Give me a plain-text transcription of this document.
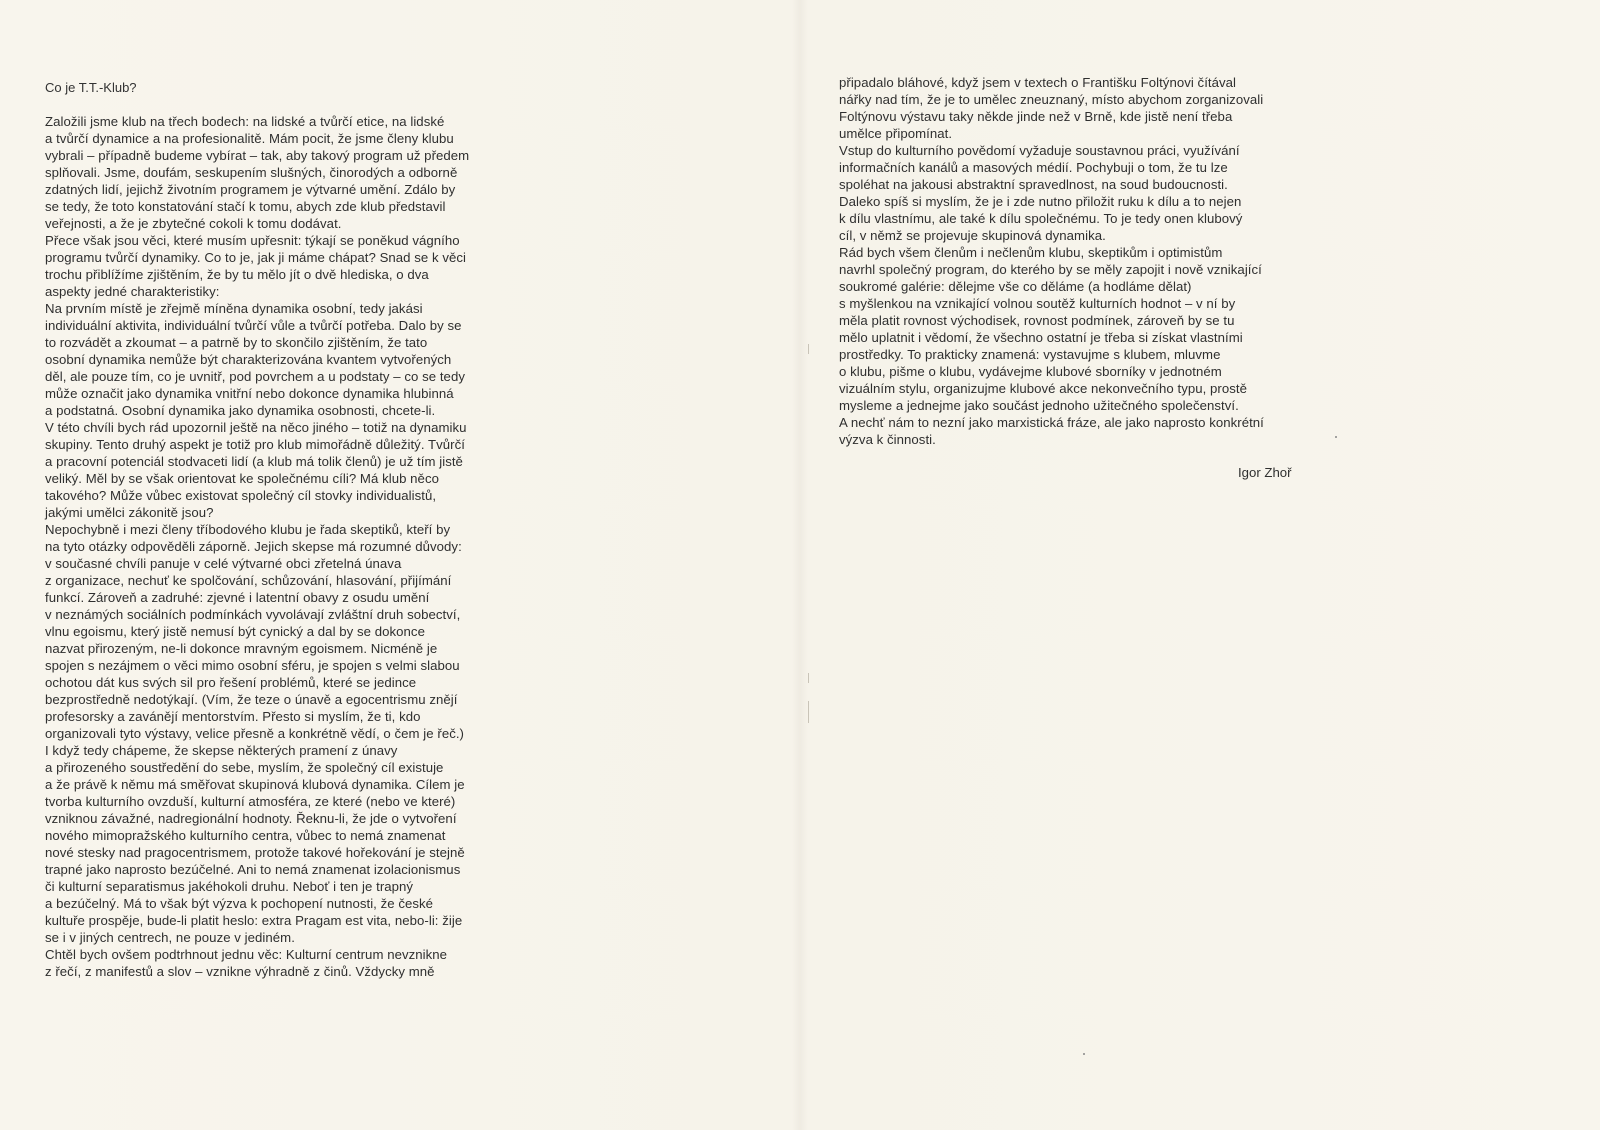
Co je T.T.-Klub?
Založili jsme klub na třech bodech: na lidské a tvůrčí etice, na lidské
a tvůrčí dynamice a na profesionalitě. Mám pocit, že jsme členy klubu
vybrali – případně budeme vybírat – tak, aby takový program už předem
splňovali. Jsme, doufám, seskupením slušných, činorodých a odborně
zdatných lidí, jejichž životním programem je výtvarné umění. Zdálo by
se tedy, že toto konstatování stačí k tomu, abych zde klub představil
veřejnosti, a že je zbytečné cokoli k tomu dodávat.
Přece však jsou věci, které musím upřesnit: týkají se poněkud vágního
programu tvůrčí dynamiky. Co to je, jak ji máme chápat? Snad se k věci
trochu přiblížíme zjištěním, že by tu mělo jít o dvě hlediska, o dva
aspekty jedné charakteristiky:
Na prvním místě je zřejmě míněna dynamika osobní, tedy jakási
individuální aktivita, individuální tvůrčí vůle a tvůrčí potřeba. Dalo by se
to rozvádět a zkoumat – a patrně by to skončilo zjištěním, že tato
osobní dynamika nemůže být charakterizována kvantem vytvořených
děl, ale pouze tím, co je uvnitř, pod povrchem a u podstaty – co se tedy
může označit jako dynamika vnitřní nebo dokonce dynamika hlubinná
a podstatná. Osobní dynamika jako dynamika osobnosti, chcete-li.
V této chvíli bych rád upozornil ještě na něco jiného – totiž na dynamiku
skupiny. Tento druhý aspekt je totiž pro klub mimořádně důležitý. Tvůrčí
a pracovní potenciál stodvaceti lidí (a klub má tolik členů) je už tím jistě
veliký. Měl by se však orientovat ke společnému cíli? Má klub něco
takového? Může vůbec existovat společný cíl stovky individualistů,
jakými umělci zákonitě jsou?
Nepochybně i mezi členy tříbodového klubu je řada skeptiků, kteří by
na tyto otázky odpověděli záporně. Jejich skepse má rozumné důvody:
v současné chvíli panuje v celé výtvarné obci zřetelná únava
z organizace, nechuť ke spolčování, schůzování, hlasování, přijímání
funkcí. Zároveň a zadruhé: zjevné i latentní obavy z osudu umění
v neznámých sociálních podmínkách vyvolávají zvláštní druh sobectví,
vlnu egoismu, který jistě nemusí být cynický a dal by se dokonce
nazvat přirozeným, ne-li dokonce mravným egoismem. Nicméně je
spojen s nezájmem o věci mimo osobní sféru, je spojen s velmi slabou
ochotou dát kus svých sil pro řešení problémů, které se jedince
bezprostředně nedotýkají. (Vím, že teze o únavě a egocentrismu znějí
profesorsky a zavánějí mentorstvím. Přesto si myslím, že ti, kdo
organizovali tyto výstavy, velice přesně a konkrétně vědí, o čem je řeč.)
I když tedy chápeme, že skepse některých pramení z únavy
a přirozeného soustředění do sebe, myslím, že společný cíl existuje
a že právě k němu má směřovat skupinová klubová dynamika. Cílem je
tvorba kulturního ovzduší, kulturní atmosféra, ze které (nebo ve které)
vzniknou závažné, nadregionální hodnoty. Řeknu-li, že jde o vytvoření
nového mimopražského kulturního centra, vůbec to nemá znamenat
nové stesky nad pragocentrismem, protože takové hořekování je stejně
trapné jako naprosto bezúčelné. Ani to nemá znamenat izolacionismus
či kulturní separatismus jakéhokoli druhu. Neboť i ten je trapný
a bezúčelný. Má to však být výzva k pochopení nutnosti, že české
kultuře prospěje, bude-li platit heslo: extra Pragam est vita, nebo-li: žije
se i v jiných centrech, ne pouze v jediném.
Chtěl bych ovšem podtrhnout jednu věc: Kulturní centrum nevznikne
z řečí, z manifestů a slov – vznikne výhradně z činů. Vždycky mně
připadalo bláhové, když jsem v textech o Františku Foltýnovi čítával
nářky nad tím, že je to umělec zneuznaný, místo abychom zorganizovali
Foltýnovu výstavu taky někde jinde než v Brně, kde jistě není třeba
umělce připomínat.
Vstup do kulturního povědomí vyžaduje soustavnou práci, využívání
informačních kanálů a masových médií. Pochybuji o tom, že tu lze
spoléhat na jakousi abstraktní spravedlnost, na soud budoucnosti.
Daleko spíš si myslím, že je i zde nutno přiložit ruku k dílu a to nejen
k dílu vlastnímu, ale také k dílu společnému. To je tedy onen klubový
cíl, v němž se projevuje skupinová dynamika.
Rád bych všem členům i nečlenům klubu, skeptikům i optimistům
navrhl společný program, do kterého by se měly zapojit i nově vznikající
soukromé galérie: dělejme vše co děláme (a hodláme dělat)
s myšlenkou na vznikající volnou soutěž kulturních hodnot – v ní by
měla platit rovnost východisek, rovnost podmínek, zároveň by se tu
mělo uplatnit i vědomí, že všechno ostatní je třeba si získat vlastními
prostředky. To prakticky znamená: vystavujme s klubem, mluvme
o klubu, pišme o klubu, vydávejme klubové sborníky v jednotném
vizuálním stylu, organizujme klubové akce nekonvečního typu, prostě
mysleme a jednejme jako součást jednoho užitečného společenství.
A nechť nám to nezní jako marxistická fráze, ale jako naprosto konkrétní
výzva k činnosti.
Igor Zhoř
